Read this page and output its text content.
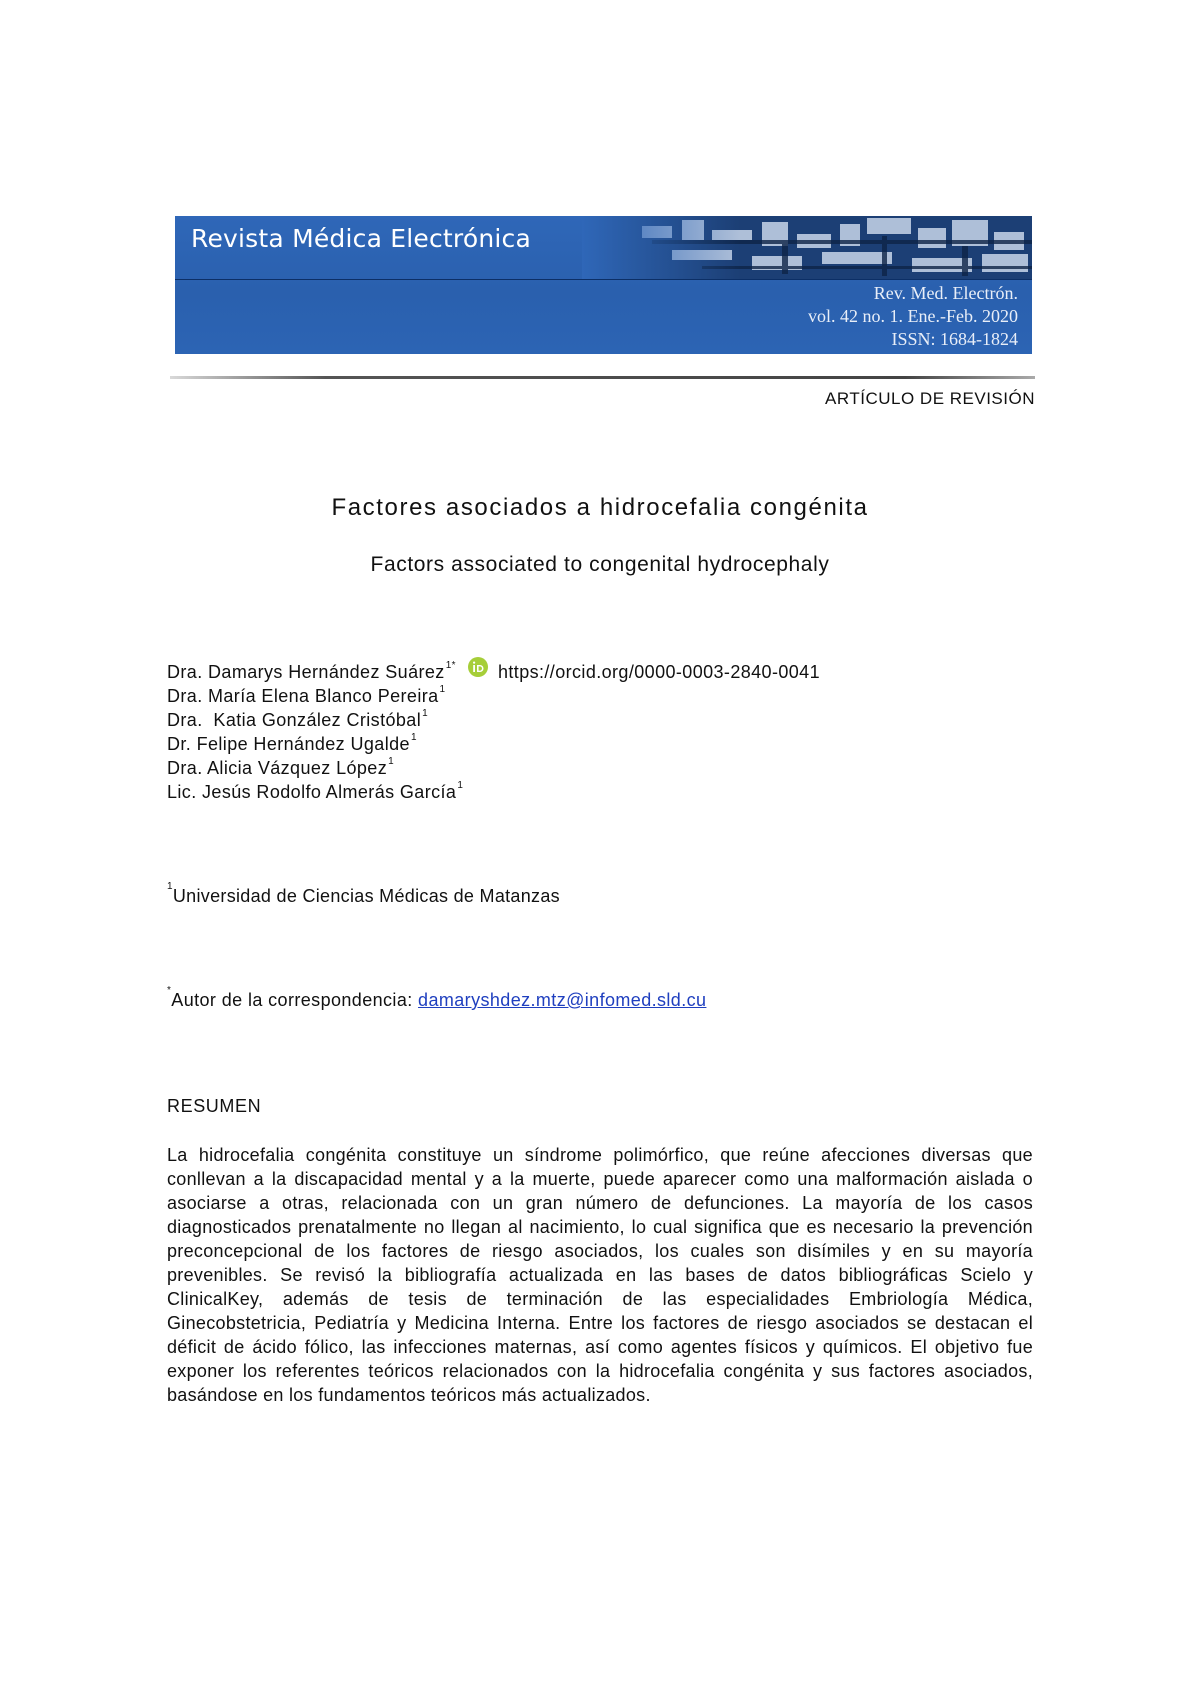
Revista Médica Electrónica
Rev. Med. Electrón.
vol. 42 no. 1. Ene.-Feb. 2020
ISSN: 1684-1824
ARTÍCULO DE REVISIÓN
Factores asociados a hidrocefalia congénita
Factors associated to congenital hydrocephaly
Dra. Damarys Hernández Suárez$^{1*}$ https://orcid.org/0000-0003-2840-0041
Dra. María Elena Blanco Pereira$^1$
Dra.  Katia González Cristóbal$^1$
Dr. Felipe Hernández Ugalde$^1$
Dra. Alicia Vázquez López$^1$
Lic. Jesús Rodolfo Almerás García$^1$
$^1$Universidad de Ciencias Médicas de Matanzas
*Autor de la correspondencia: damaryshdez.mtz@infomed.sld.cu
RESUMEN
La hidrocefalia congénita constituye un síndrome polimórfico, que reúne afecciones diversas que conllevan a la discapacidad mental y a la muerte, puede aparecer como una malformación aislada o asociarse a otras, relacionada con un gran número de defunciones. La mayoría de los casos diagnosticados prenatalmente no llegan al nacimiento, lo cual significa que es necesario la prevención preconcepcional de los factores de riesgo asociados, los cuales son disímiles y en su mayoría prevenibles. Se revisó la bibliografía actualizada en las bases de datos bibliográficas Scielo y ClinicalKey, además de tesis de terminación de las especialidades Embriología Médica, Ginecobstetricia, Pediatría y Medicina Interna. Entre los factores de riesgo asociados se destacan el déficit de ácido fólico, las infecciones maternas, así como agentes físicos y químicos. El objetivo fue exponer los referentes teóricos relacionados con la hidrocefalia congénita y sus factores asociados, basándose en los fundamentos teóricos más actualizados.
